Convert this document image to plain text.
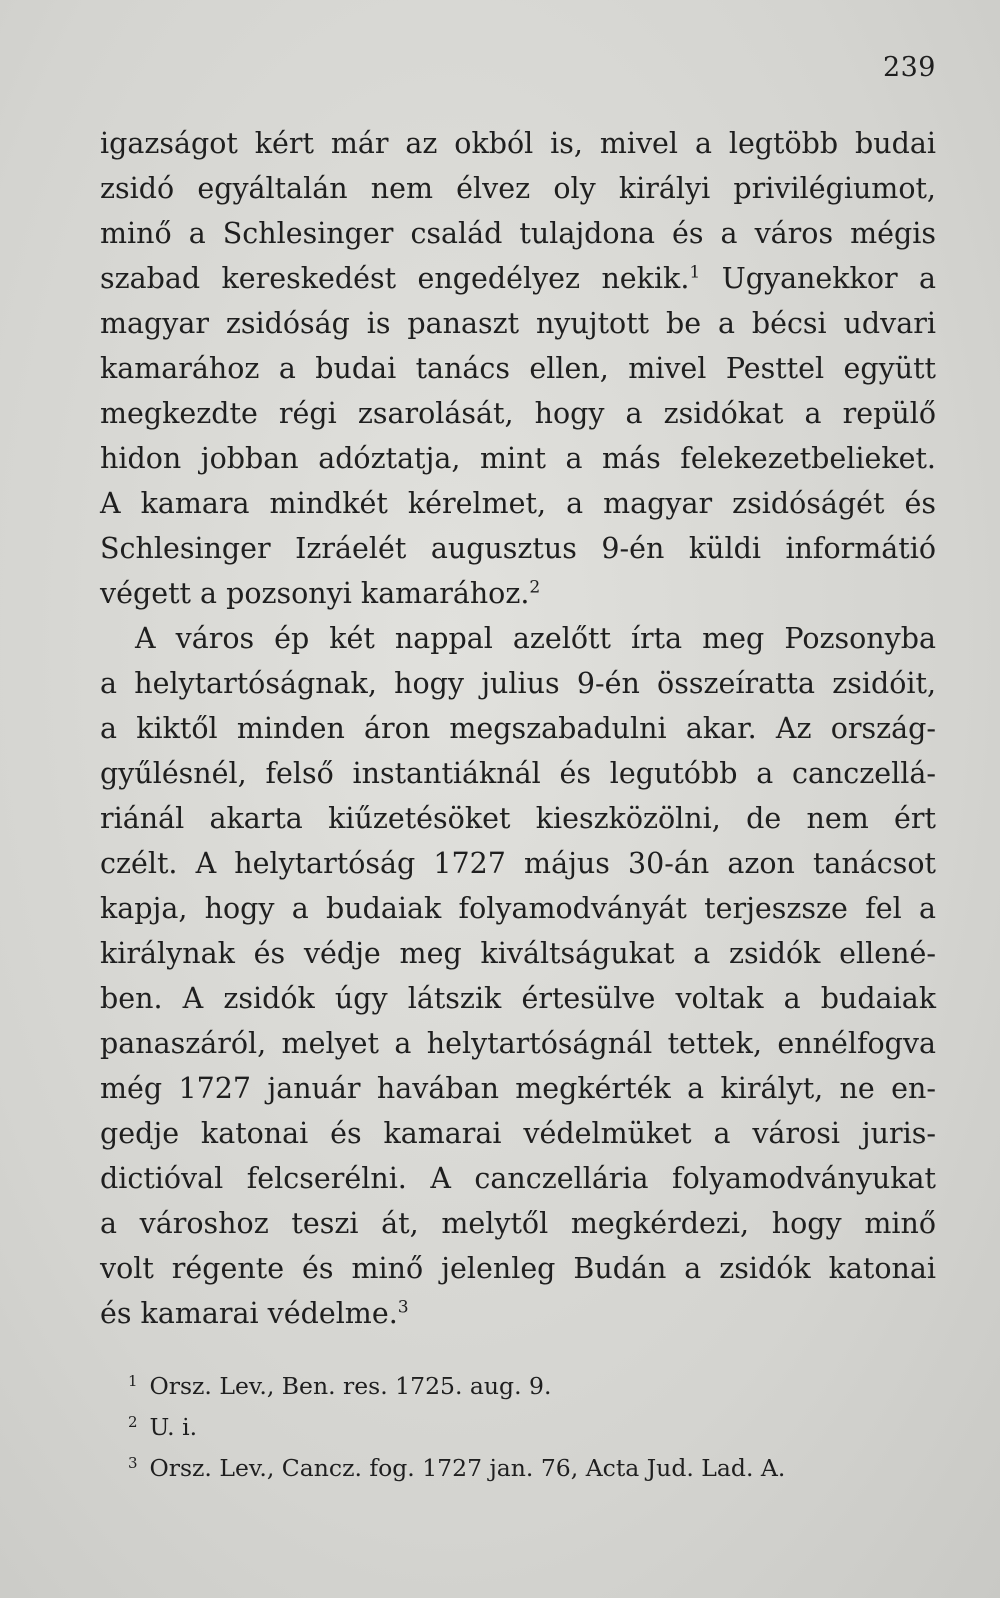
239
igazságot kért már az okból is, mivel a legtöbb budai
zsidó egyáltalán nem élvez oly királyi privilégiumot,
minő a Schlesinger család tulajdona és a város mégis
szabad kereskedést engedélyez nekik.$^1$ Ugyanekkor a
magyar zsidóság is panaszt nyujtott be a bécsi udvari
kamarához a budai tanács ellen, mivel Pesttel együtt
megkezdte régi zsarolását, hogy a zsidókat a repülő
hidon jobban adóztatja, mint a más felekezetbelieket.
A kamara mindkét kérelmet, a magyar zsidóságét és
Schlesinger Izráelét augusztus 9-én küldi informátió
végett a pozsonyi kamarához.$^2$
A város ép két nappal azelőtt írta meg Pozsonyba
a helytartóságnak, hogy julius 9-én összeíratta zsidóit,
a kiktől minden áron megszabadulni akar. Az ország-
gyűlésnél, felső instantiáknál és legutóbb a canczellá-
riánál akarta kiűzetésöket kieszközölni, de nem ért
czélt. A helytartóság 1727 május 30-án azon tanácsot
kapja, hogy a budaiak folyamodványát terjeszsze fel a
királynak és védje meg kiváltságukat a zsidók ellené-
ben. A zsidók úgy látszik értesülve voltak a budaiak
panaszáról, melyet a helytartóságnál tettek, ennélfogva
még 1727 január havában megkérték a királyt, ne en-
gedje katonai és kamarai védelmüket a városi juris-
dictióval felcserélni. A canczellária folyamodványukat
a városhoz teszi át, melytől megkérdezi, hogy minő
volt régente és minő jelenleg Budán a zsidók katonai
és kamarai védelme.$^3$
1 Orsz. Lev., Ben. res. 1725. aug. 9.
2 U. i.
3 Orsz. Lev., Cancz. fog. 1727 jan. 76, Acta Jud. Lad. A.
